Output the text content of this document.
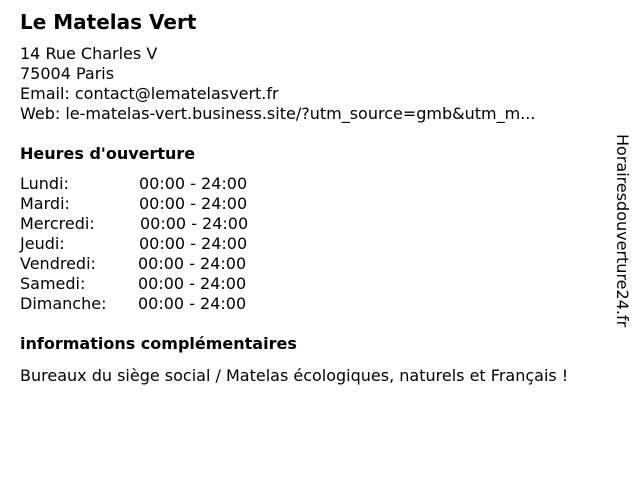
Le Matelas Vert
14 Rue Charles V
75004 Paris
Email: contact@lematelasvert.fr
Web: le-matelas-vert.business.site/?utm_source=gmb&utm_m...
Heures d'ouverture
Lundi:	00:00 - 24:00
Mardi:	00:00 - 24:00
Mercredi:	00:00 - 24:00
Jeudi:	00:00 - 24:00
Vendredi:	00:00 - 24:00
Samedi:	00:00 - 24:00
Dimanche: 00:00 - 24:00
informations complémentaires
Bureaux du siège social / Matelas écologiques, naturels et Français !
Horairesdouverture24.fr
